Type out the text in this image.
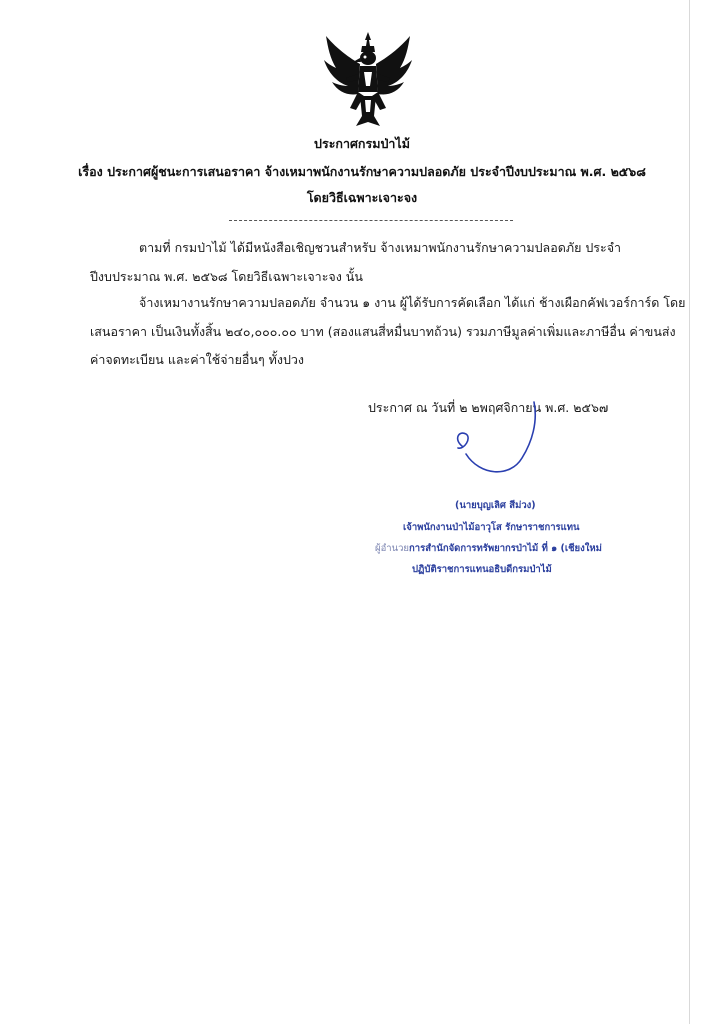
ประกาศกรมป่าไม้
เรื่อง ประกาศผู้ชนะการเสนอราคา จ้างเหมาพนักงานรักษาความปลอดภัย ประจำปีงบประมาณ พ.ศ. ๒๕๖๘
โดยวิธีเฉพาะเจาะจง
ตามที่ กรมป่าไม้ ได้มีหนังสือเชิญชวนสำหรับ จ้างเหมาพนักงานรักษาความปลอดภัย ประจำ
ปีงบประมาณ พ.ศ. ๒๕๖๘ โดยวิธีเฉพาะเจาะจง นั้น
จ้างเหมางานรักษาความปลอดภัย จำนวน ๑ งาน ผู้ได้รับการคัดเลือก ได้แก่ ช้างเผือกคัฟเวอร์การ์ด โดย
เสนอราคา เป็นเงินทั้งสิ้น ๒๔๐,๐๐๐.๐๐ บาท (สองแสนสี่หมื่นบาทถ้วน) รวมภาษีมูลค่าเพิ่มและภาษีอื่น ค่าขนส่ง
ค่าจดทะเบียน และค่าใช้จ่ายอื่นๆ ทั้งปวง
ประกาศ ณ วันที่ ๒ ๒พฤศจิกายน พ.ศ. ๒๕๖๗
(นายบุญเลิศ สีม่วง)
เจ้าพนักงานป่าไม้อาวุโส รักษาราชการแทน
ผู้อำนวยการสำนักจัดการทรัพยากรป่าไม้ ที่ ๑ (เชียงใหม่
ปฏิบัติราชการแทนอธิบดีกรมป่าไม้
